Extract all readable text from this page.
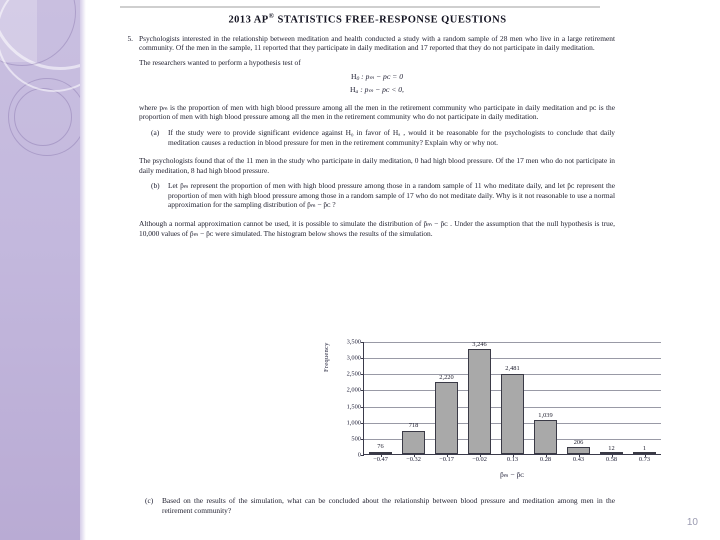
2013 AP® STATISTICS FREE-RESPONSE QUESTIONS
5. Psychologists interested in the relationship between meditation and health conducted a study with a random sample of 28 men who live in a large retirement community. Of the men in the sample, 11 reported that they participate in daily meditation and 17 reported that they do not participate in daily meditation.

The researchers wanted to perform a hypothesis test of

$H_0$ : pₘ − pᴄ = 0
$H_a$ : pₘ − pᴄ < 0,

where pₘ is the proportion of men with high blood pressure among all the men in the retirement community who participate in daily meditation and pᴄ is the proportion of men with high blood pressure among all the men in the retirement community who do not participate in daily meditation.

(a)	If the study were to provide significant evidence against H₀ in favor of Hₐ , would it be reasonable for the psychologists to conclude that daily meditation causes a reduction in blood pressure for men in the retirement community? Explain why or why not.

The psychologists found that of the 11 men in the study who participate in daily meditation, 0 had high blood pressure. Of the 17 men who do not participate in daily meditation, 8 had high blood pressure.

(b)	Let p̂ₘ represent the proportion of men with high blood pressure among those in a random sample of 11 who meditate daily, and let p̂ᴄ represent the proportion of men with high blood pressure among those in a random sample of 17 who do not meditate daily. Why is it not reasonable to use a normal approximation for the sampling distribution of p̂ₘ − p̂ᴄ ?

Although a normal approximation cannot be used, it is possible to simulate the distribution of p̂ₘ − p̂ᴄ . Under the assumption that the null hypothesis is true, 10,000 values of p̂ₘ − p̂ᴄ were simulated. The histogram below shows the results of the simulation.

Frequency
0
500
1,000
1,500
2,000
2,500
3,000
3,500
76
718
2,220
3,246
2,481
1,039
206
12	1
−0.47	−0.32	−0.17	−0.02	0.13	0.28	0.43	0.58	0.73
p̂ₘ − p̂ᴄ
(c)	Based on the results of the simulation, what can be concluded about the relationship between blood pressure and meditation among men in the retirement community?

10
